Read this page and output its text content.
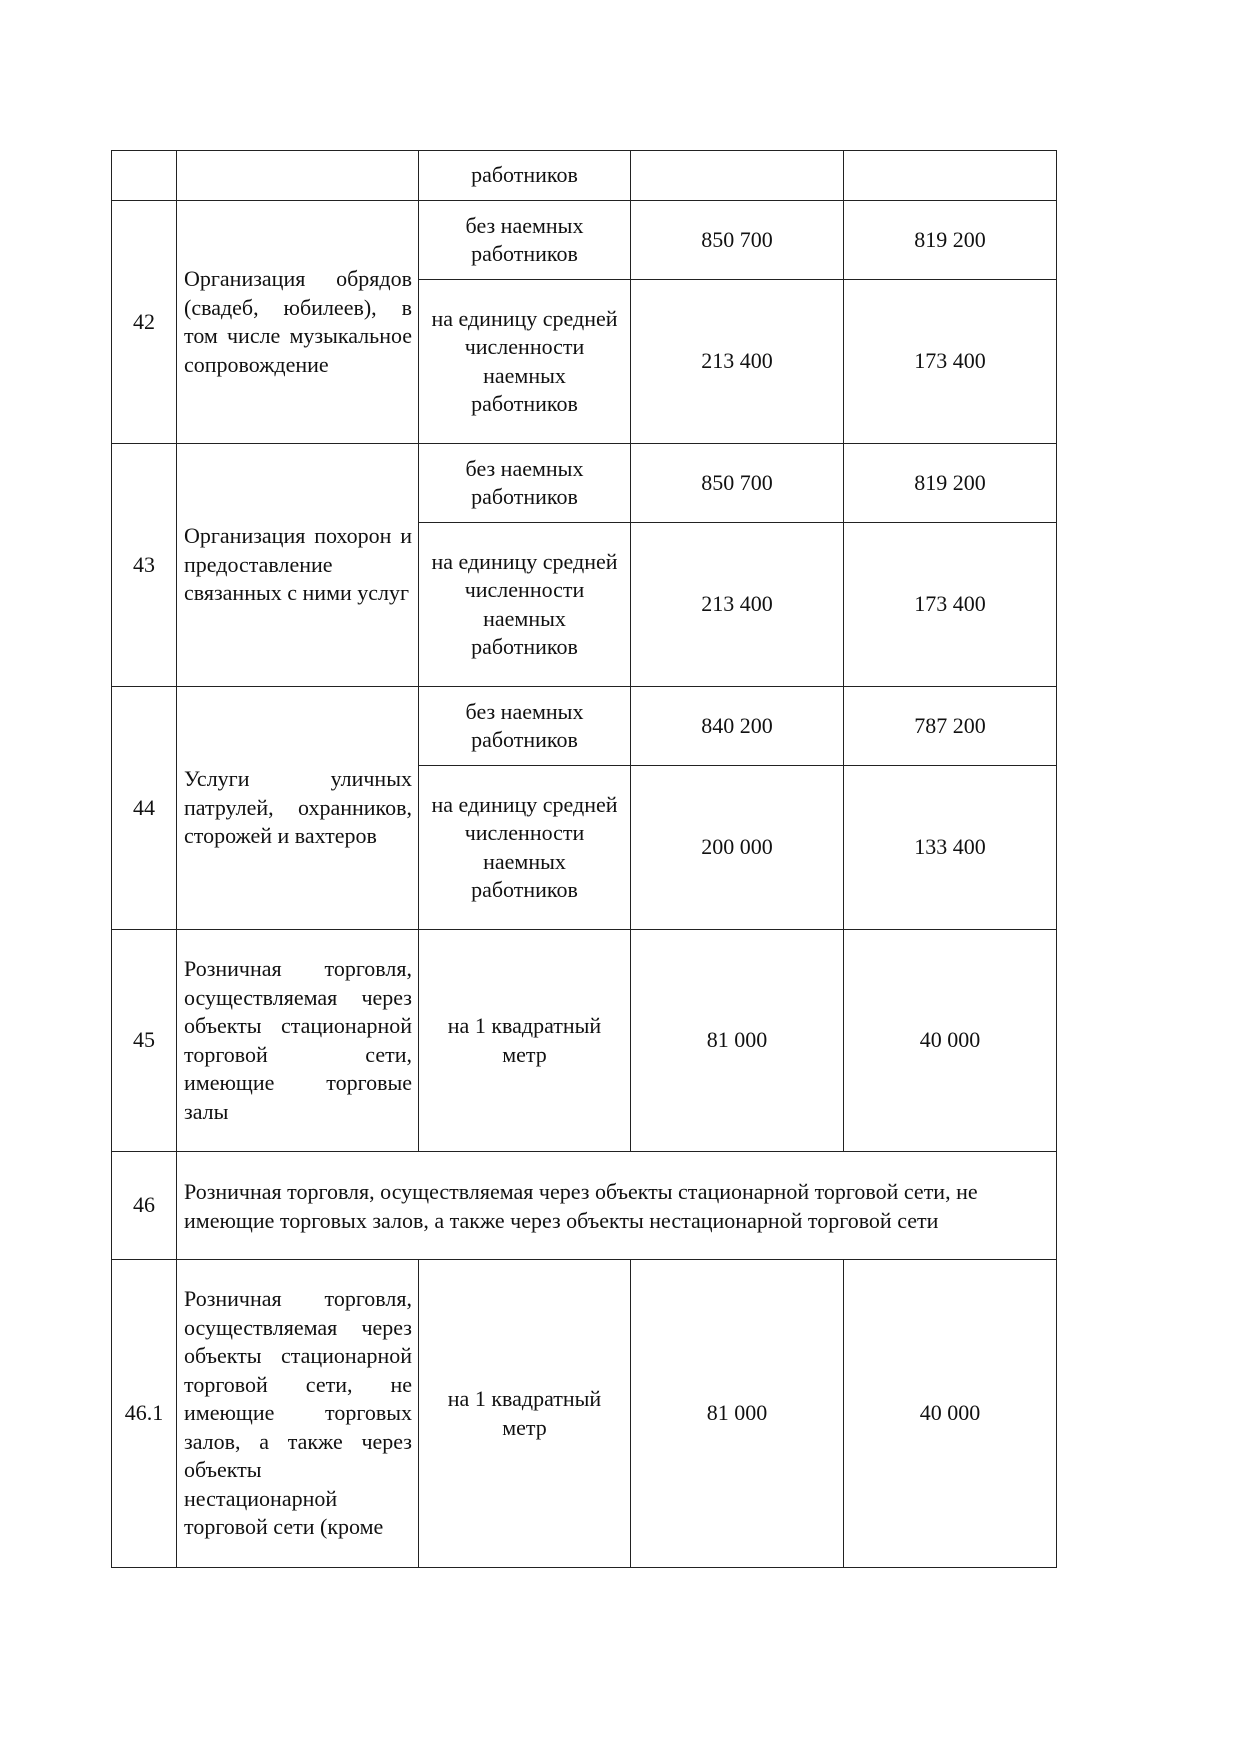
		работников		
42	Организация обрядов (свадеб, юбилеев), в том числе музыкальное сопровождение	без наемных работников	850 700	819 200
		на единицу средней численности наемных работников	213 400	173 400
43	Организация похорон и предоставление связанных с ними услуг	без наемных работников	850 700	819 200
		на единицу средней численности наемных работников	213 400	173 400
44	Услуги уличных патрулей, охранников, сторожей и вахтеров	без наемных работников	840 200	787 200
		на единицу средней численности наемных работников	200 000	133 400
45	Розничная торговля, осуществляемая через объекты стационарной торговой сети, имеющие торговые залы	на 1 квадратный метр	81 000	40 000
46	Розничная торговля, осуществляемая через объекты стационарной торговой сети, не имеющие торговых залов, а также через объекты нестационарной торговой сети			
46.1	Розничная торговля, осуществляемая через объекты стационарной торговой сети, не имеющие торговых залов, а также через объекты нестационарной торговой сети (кроме	на 1 квадратный метр	81 000	40 000
